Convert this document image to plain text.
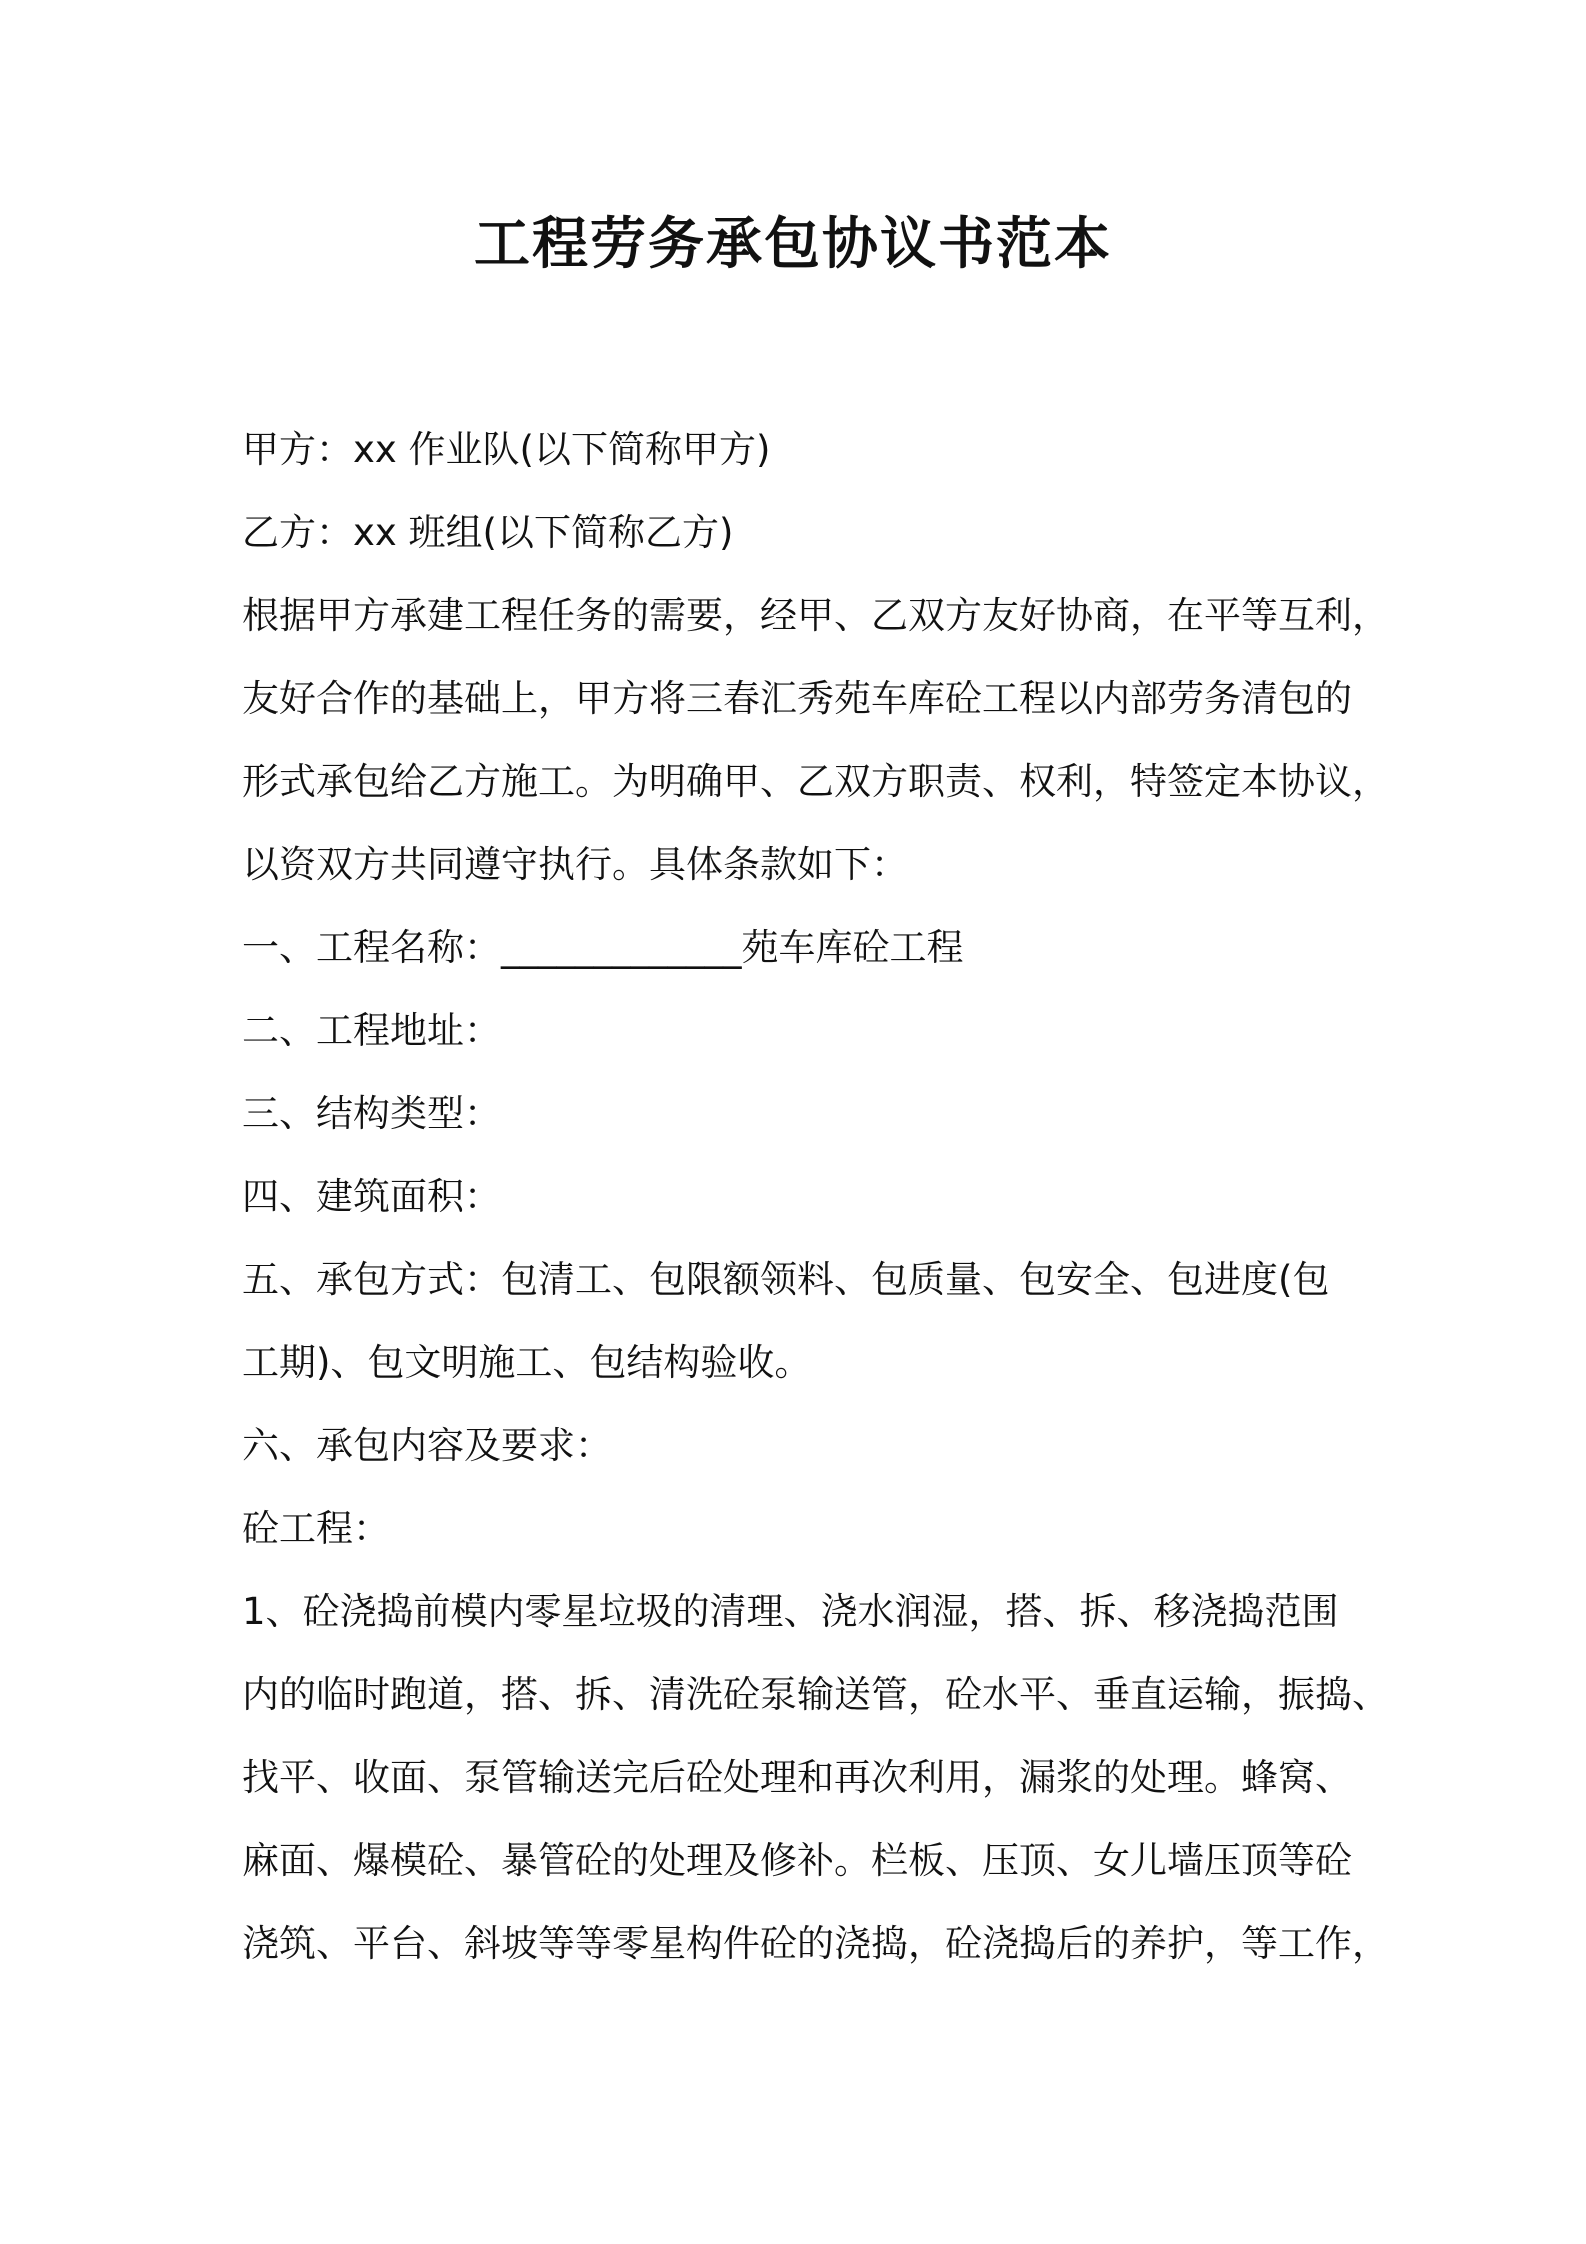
工程劳务承包协议书范本
甲方：xx 作业队(以下简称甲方)
乙方：xx 班组(以下简称乙方)
根据甲方承建工程任务的需要，经甲、乙双方友好协商，在平等互利，
友好合作的基础上，甲方将三春汇秀苑车库砼工程以内部劳务清包的
形式承包给乙方施工。为明确甲、乙双方职责、权利，特签定本协议，
以资双方共同遵守执行。具体条款如下：
一、工程名称：_____________苑车库砼工程
二、工程地址：
三、结构类型：
四、建筑面积：
五、承包方式：包清工、包限额领料、包质量、包安全、包进度(包
工期)、包文明施工、包结构验收。
六、承包内容及要求：
砼工程：
1、砼浇捣前模内零星垃圾的清理、浇水润湿，搭、拆、移浇捣范围
内的临时跑道，搭、拆、清洗砼泵输送管，砼水平、垂直运输，振捣、
找平、收面、泵管输送完后砼处理和再次利用，漏浆的处理。蜂窝、
麻面、爆模砼、暴管砼的处理及修补。栏板、压顶、女儿墙压顶等砼
浇筑、平台、斜坡等等零星构件砼的浇捣，砼浇捣后的养护，等工作，
